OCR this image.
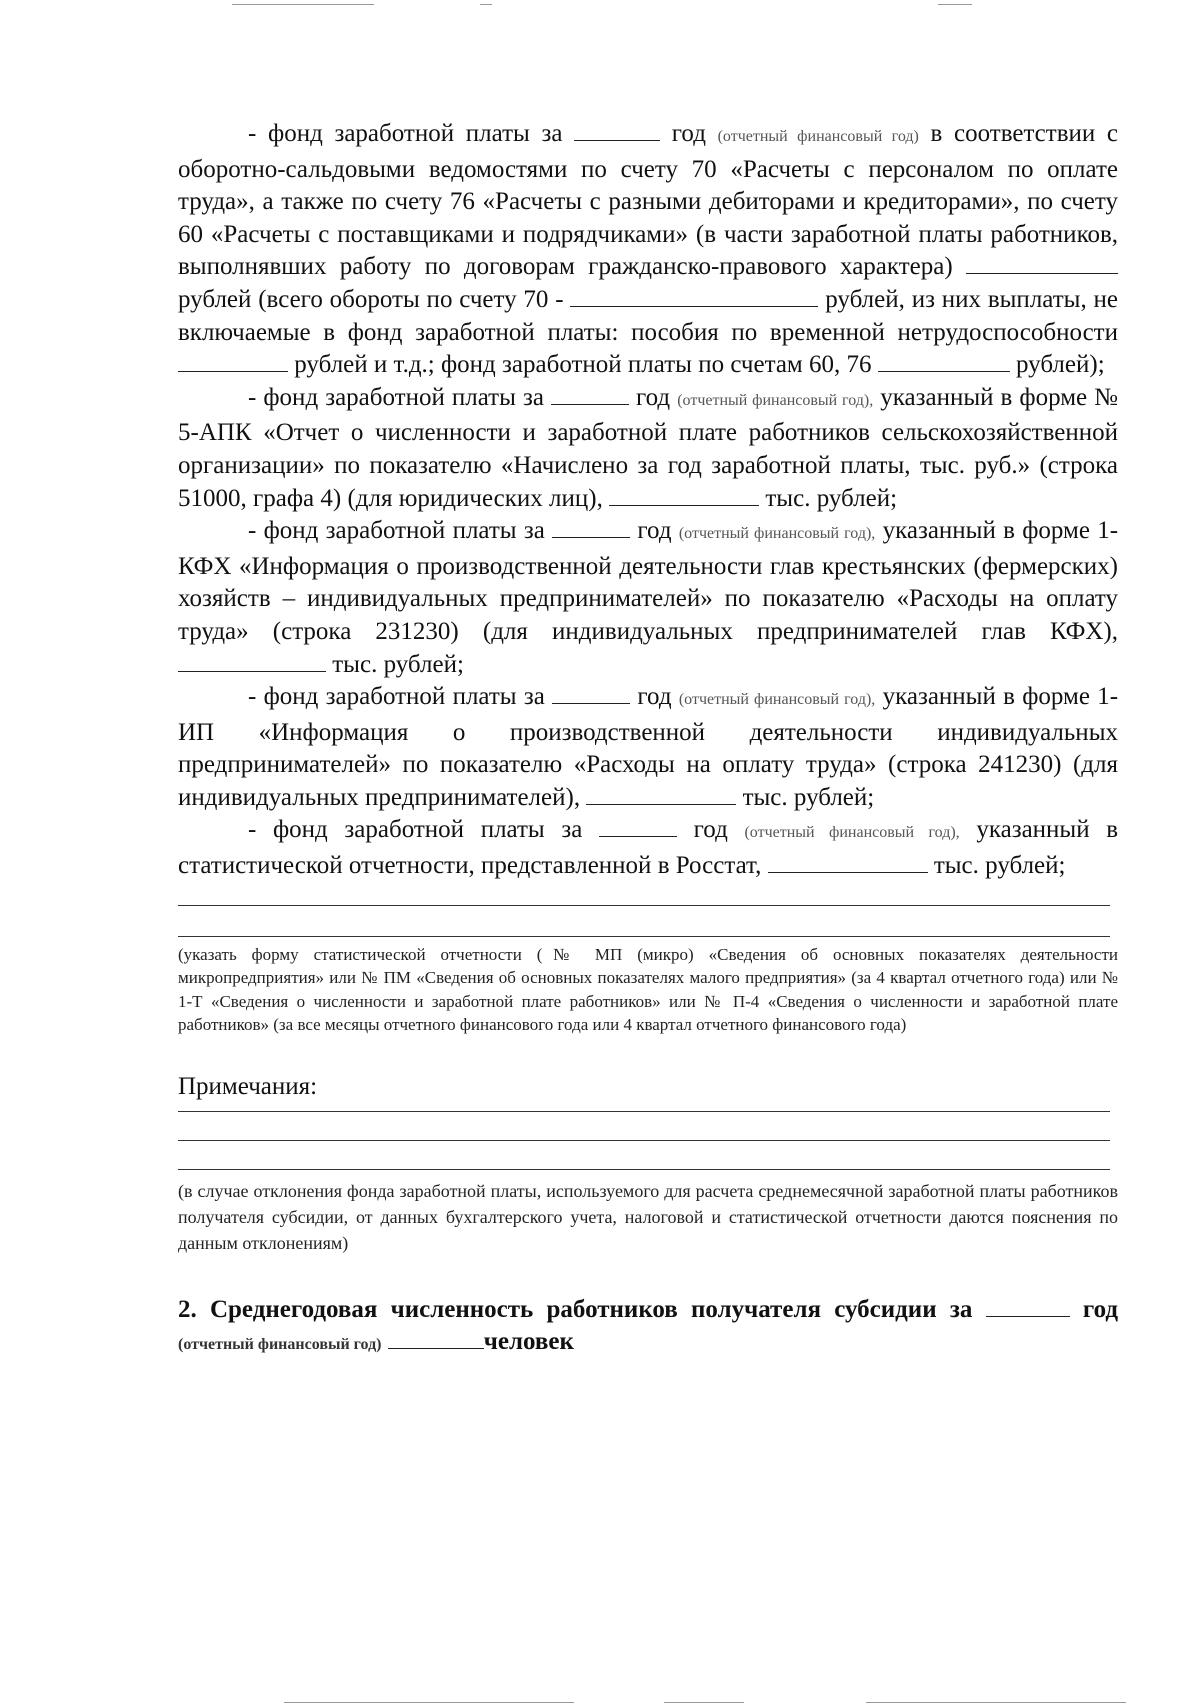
- фонд заработной платы за	год (отчетный финансовый год) в соответствии с оборотно-сальдовыми ведомостями по счету 70 «Расчеты с персоналом по оплате труда», а также по счету 76 «Расчеты с разными дебиторами и кредиторами», по счету 60 «Расчеты с поставщиками и подрядчиками» (в части заработной платы работников, выполнявших работу по договорам гражданско-правового характера)  рублей (всего обороты по счету 70 -	рублей, из них выплаты, не включаемые в фонд заработной платы: пособия по временной нетрудоспособности  рублей и т.д.; фонд заработной платы по счетам 60, 76	рублей);

- фонд заработной платы за	год (отчетный финансовый год), указанный в форме № 5-АПК «Отчет о численности и заработной плате работников сельскохозяйственной организации» по показателю «Начислено за год заработной платы, тыс. руб.» (строка 51000, графа 4) (для юридических лиц),	тыс. рублей;

- фонд заработной платы за	год (отчетный финансовый год), указанный в форме 1-КФХ «Информация о производственной деятельности глав крестьянских (фермерских) хозяйств – индивидуальных предпринимателей» по показателю «Расходы на оплату труда» (строка 231230) (для индивидуальных предпринимателей глав КФХ),  тыс. рублей;

- фонд заработной платы за	год (отчетный финансовый год), указанный в форме 1-ИП «Информация о производственной деятельности индивидуальных предпринимателей» по показателю «Расходы на оплату труда» (строка 241230) (для индивидуальных предпринимателей),	тыс. рублей;

- фонд заработной платы за	год (отчетный финансовый год), указанный в статистической отчетности, представленной в Росстат,	тыс. рублей;

(указать форму статистической отчетности (№ МП (микро) «Сведения об основных показателях деятельности микропредприятия» или № ПМ «Сведения об основных показателях малого предприятия» (за 4 квартал отчетного года) или № 1-Т «Сведения о численности и заработной плате работников» или № П-4 «Сведения о численности и заработной плате работников» (за все месяцы отчетного финансового года или 4 квартал отчетного финансового года)

Примечания:

(в случае отклонения фонда заработной платы, используемого для расчета среднемесячной заработной платы работников получателя субсидии, от данных бухгалтерского учета, налоговой и статистической отчетности даются пояснения по данным отклонениям)

2. Среднегодовая численность работников получателя субсидии за	год (отчетный финансовый год)	человек
